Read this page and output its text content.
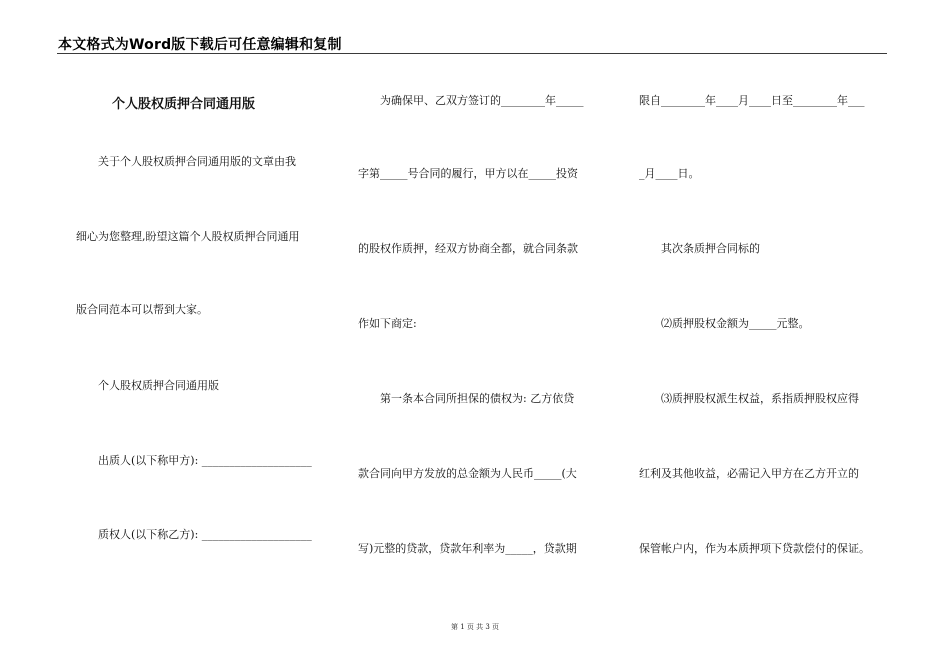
本文格式为Word版下载后可任意编辑和复制
个人股权质押合同通用版
　　关于个人股权质押合同通用版的文章由我
细心为您整理,盼望这篇个人股权质押合同通用
版合同范本可以帮到大家。
　　个人股权质押合同通用版
　　出质人(以下称甲方): ____________________
　　质权人(以下称乙方): ____________________
　　为确保甲、乙双方签订的________年_____
字第_____号合同的履行，甲方以在_____投资
的股权作质押，经双方协商全都，就合同条款
作如下商定:
　　第一条本合同所担保的债权为: 乙方依贷
款合同向甲方发放的总金额为人民币_____(大
写)元整的贷款，贷款年利率为_____，贷款期
限自________年____月____日至________年___
_月____日。
　　其次条质押合同标的
　　⑵质押股权金额为_____元整。
　　⑶质押股权派生权益，系指质押股权应得
红利及其他收益，必需记入甲方在乙方开立的
保管帐户内，作为本质押项下贷款偿付的保证。
第 1 页 共 3 页
